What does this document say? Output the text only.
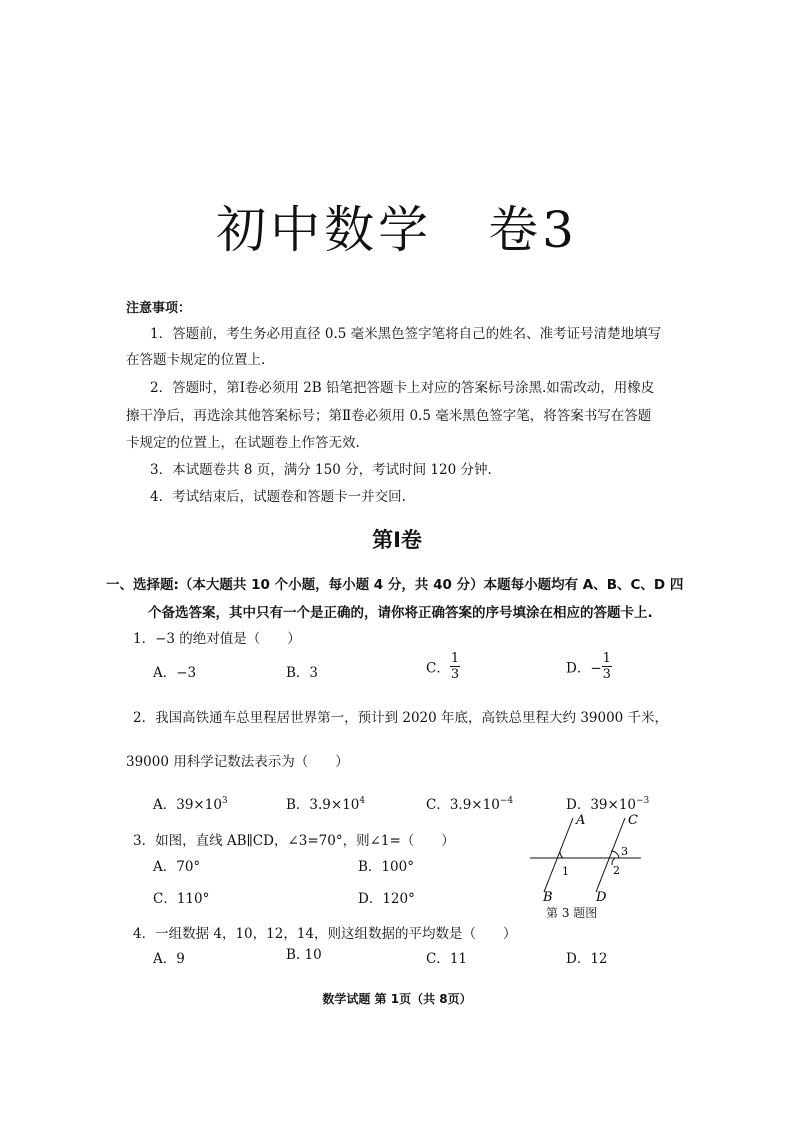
初中数学 卷3
注意事项：
1．答题前，考生务必用直径 0.5 毫米黑色签字笔将自己的姓名、准考证号清楚地填写
在答题卡规定的位置上.
2．答题时，第Ⅰ卷必须用 2B 铅笔把答题卡上对应的答案标号涂黑.如需改动，用橡皮
擦干净后，再选涂其他答案标号；第Ⅱ卷必须用 0.5 毫米黑色签字笔，将答案书写在答题
卡规定的位置上，在试题卷上作答无效.
3．本试题卷共 8 页，满分 150 分，考试时间 120 分钟.
4．考试结束后，试题卷和答题卡一并交回.
第Ⅰ卷
一、选择题:（本大题共 10 个小题，每小题 4 分，共 40 分）本题每小题均有 A、B、C、D 四
个备选答案，其中只有一个是正确的，请你将正确答案的序号填涂在相应的答题卡上.
1．−3 的绝对值是（　　）
A．−3	B．3	C． $\frac{1}{3}$	D．− $\frac{1}{3}$
2．我国高铁通车总里程居世界第一，预计到 2020 年底，高铁总里程大约 39000 千米，
39000 用科学记数法表示为（　　）
A．$39\times 10^3$	B．$3.9\times 10^4$	C．$3.9\times 10^{-4}$	D．$39\times 10^{-3}$
3．如图，直线 AB∥CD，∠3=70°，则∠1=（　　）
A．70°	B．100°
C．110°	D．120°
A
B
C
D
1	2
3
第 3 题图
4．一组数据 4，10，12，14，则这组数据的平均数是（　　）
A．9	B. 10	C．11	D．12
数学试题 第 1页（共 8页）
